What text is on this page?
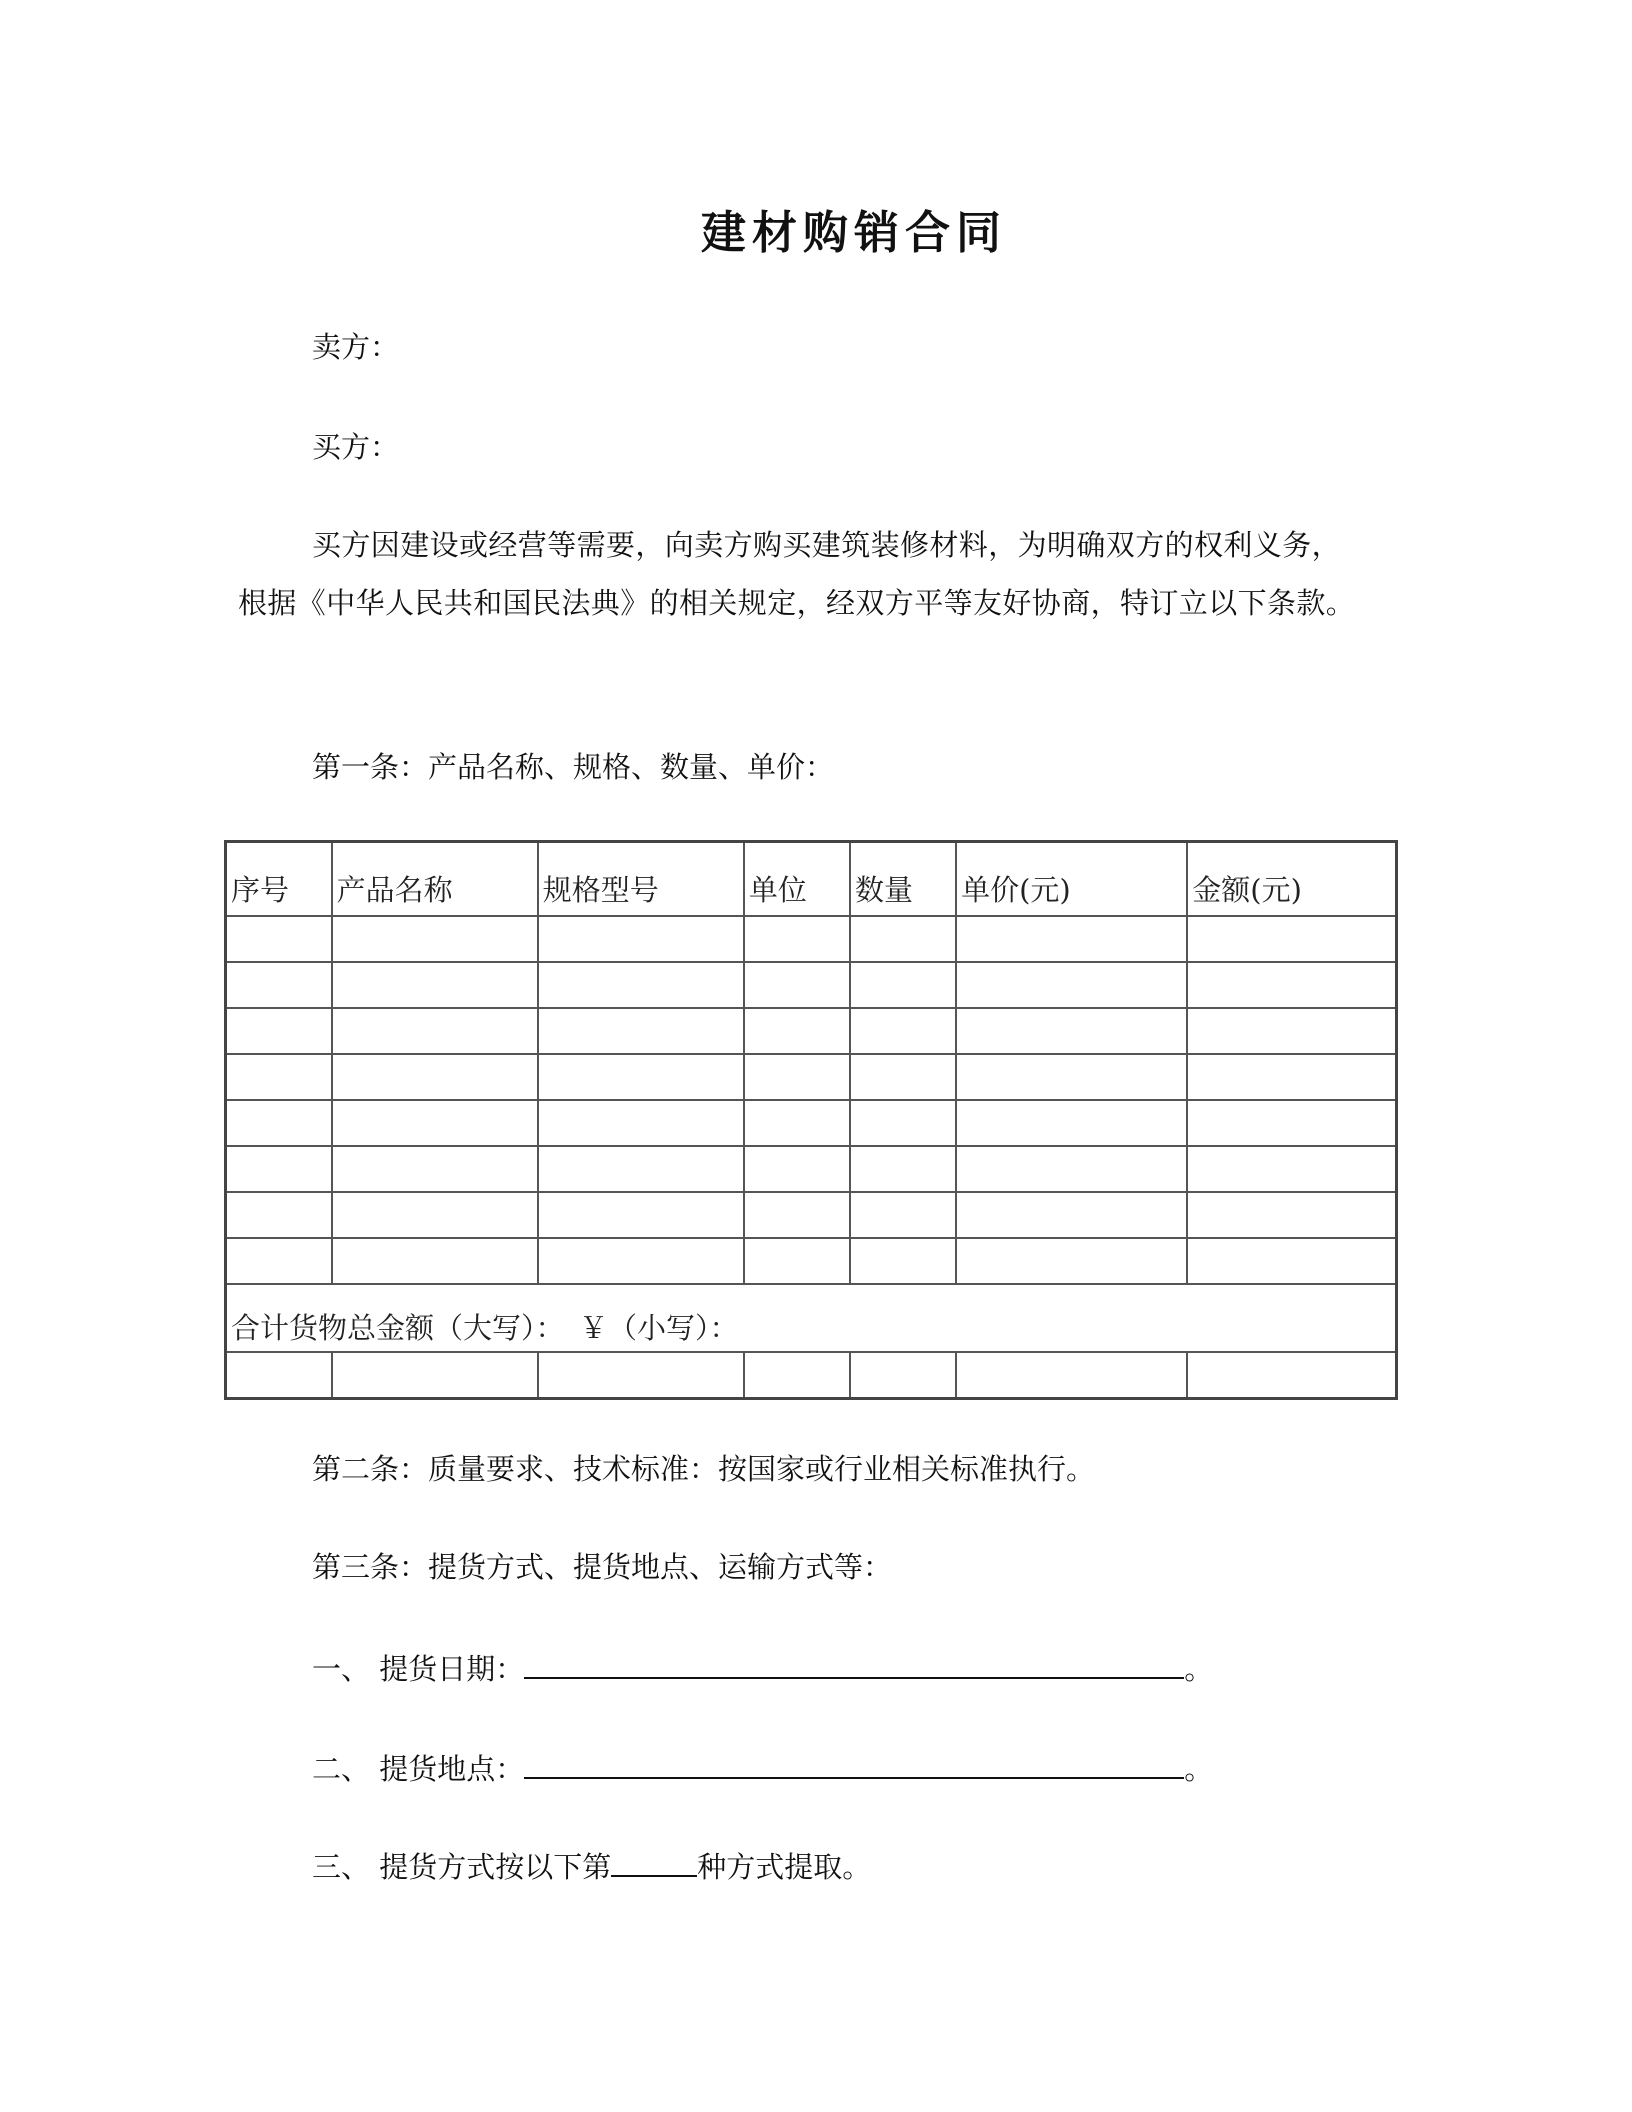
建材购销合同
卖方：
买方：
买方因建设或经营等需要，向卖方购买建筑装修材料，为明确双方的权利义务，根据《中华人民共和国民法典》的相关规定，经双方平等友好协商，特订立以下条款。
第一条：产品名称、规格、数量、单价：
序号	产品名称	规格型号	单位	数量	单价(元)	金额(元)

合计货物总金额（大写）：　￥（小写）：						

第二条：质量要求、技术标准：按国家或行业相关标准执行。
第三条：提货方式、提货地点、运输方式等：
一、 提货日期：	。
二、 提货地点：	。
三、 提货方式按以下第	种方式提取。
